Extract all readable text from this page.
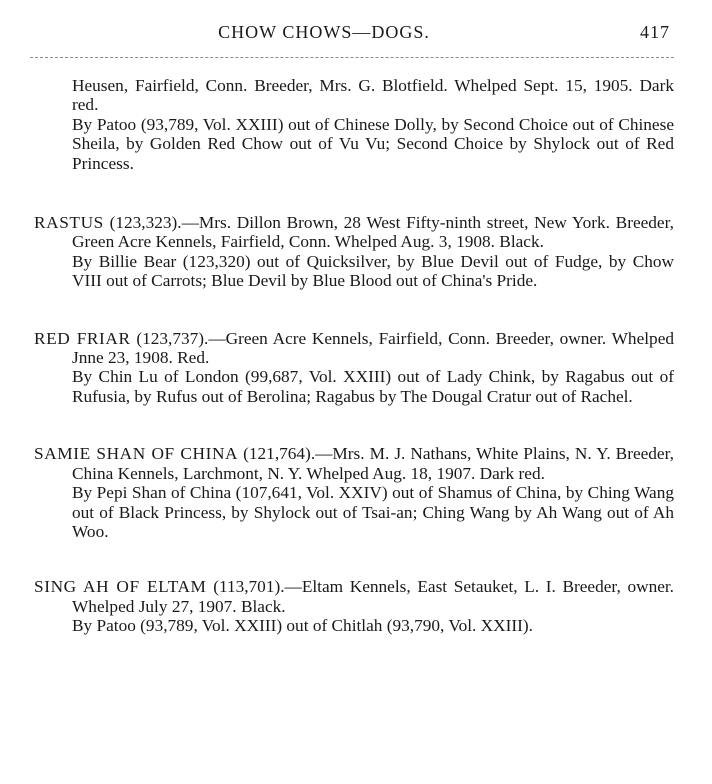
CHOW CHOWS—DOGS.	417

Heusen, Fairfield, Conn. Breeder, Mrs. G. Blotfield. Whelped Sept. 15, 1905. Dark red.

By Patoo (93,789, Vol. XXIII) out of Chinese Dolly, by Second Choice out of Chinese Sheila, by Golden Red Chow out of Vu Vu; Second Choice by Shylock out of Red Princess.

RASTUS (123,323).—Mrs. Dillon Brown, 28 West Fifty-ninth street, New York. Breeder, Green Acre Kennels, Fairfield, Conn. Whelped Aug. 3, 1908. Black.

By Billie Bear (123,320) out of Quicksilver, by Blue Devil out of Fudge, by Chow VIII out of Carrots; Blue Devil by Blue Blood out of China's Pride.

RED FRIAR (123,737).—Green Acre Kennels, Fairfield, Conn. Breeder, owner. Whelped Jnne 23, 1908. Red.

By Chin Lu of London (99,687, Vol. XXIII) out of Lady Chink, by Ragabus out of Rufusia, by Rufus out of Berolina; Ragabus by The Dougal Cratur out of Rachel.

SAMIE SHAN OF CHINA (121,764).—Mrs. M. J. Nathans, White Plains, N. Y. Breeder, China Kennels, Larchmont, N. Y. Whelped Aug. 18, 1907. Dark red.

By Pepi Shan of China (107,641, Vol. XXIV) out of Shamus of China, by Ching Wang out of Black Princess, by Shylock out of Tsai-an; Ching Wang by Ah Wang out of Ah Woo.

SING AH OF ELTAM (113,701).—Eltam Kennels, East Setauket, L. I. Breeder, owner. Whelped July 27, 1907. Black.

By Patoo (93,789, Vol. XXIII) out of Chitlah (93,790, Vol. XXIII).
